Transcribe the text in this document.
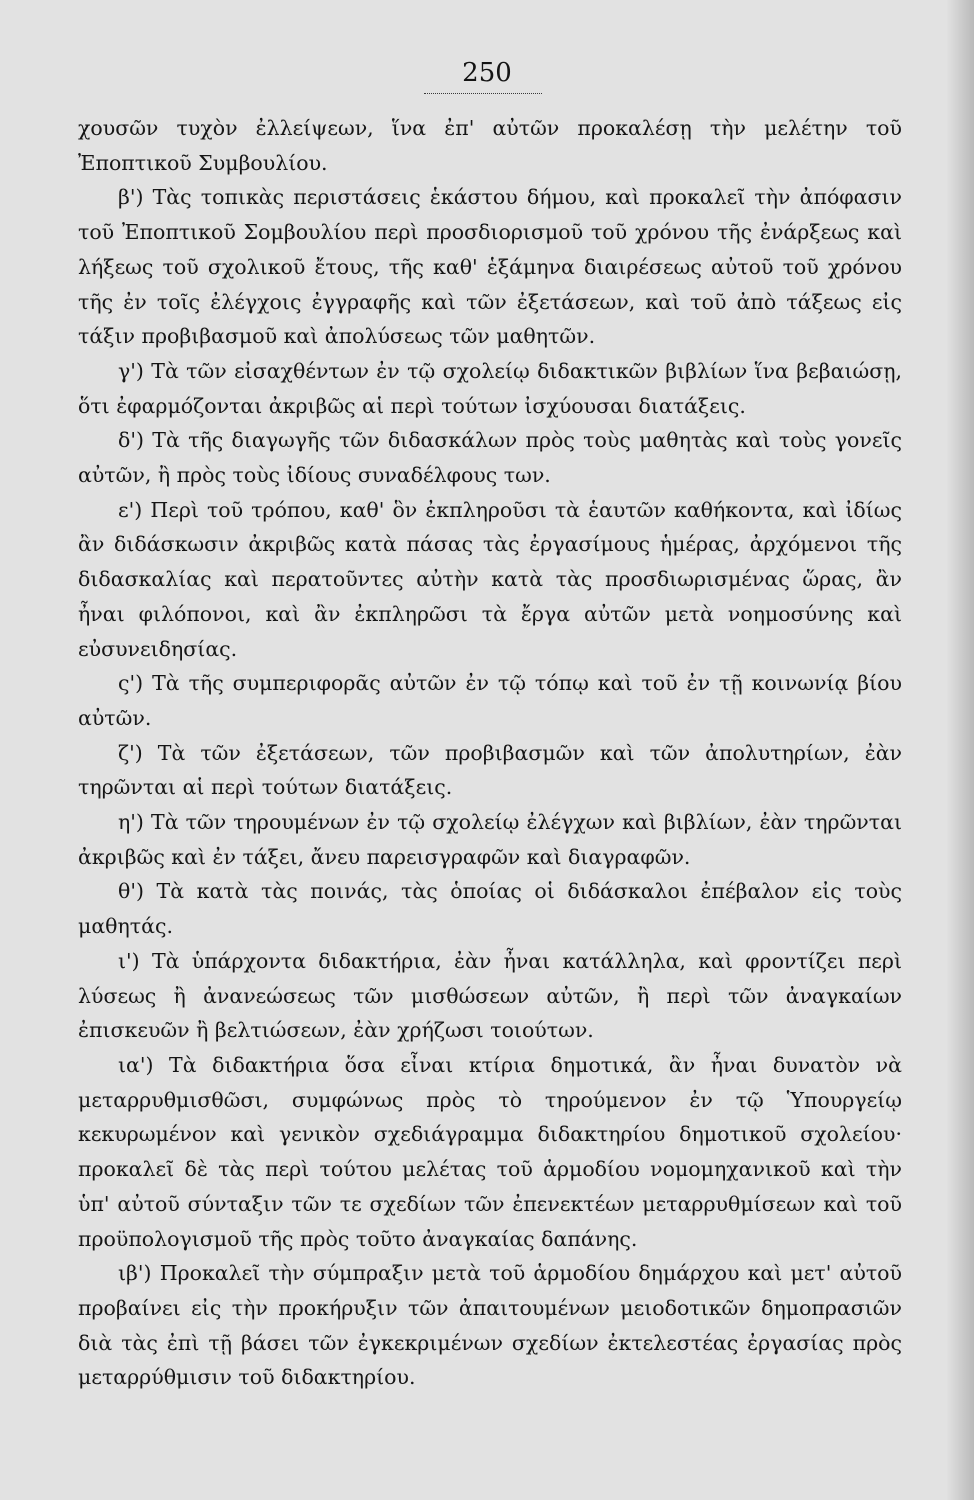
250

χουσῶν τυχὸν ἐλλείψεων, ἵνα ἐπ' αὐτῶν προκαλέσῃ τὴν μελέτην τοῦ Ἐποπτικοῦ Συμβουλίου.

β') Τὰς τοπικὰς περιστάσεις ἑκάστου δήμου, καὶ προκαλεῖ τὴν ἀπόφασιν τοῦ Ἐποπτικοῦ Σομβουλίου περὶ προσδιορισμοῦ τοῦ χρόνου τῆς ἐνάρξεως καὶ λήξεως τοῦ σχολικοῦ ἔτους, τῆς καθ' ἑξάμηνα διαιρέσεως αὐτοῦ τοῦ χρόνου τῆς ἐν τοῖς ἐλέγχοις ἐγγραφῆς καὶ τῶν ἐξετάσεων, καὶ τοῦ ἀπὸ τάξεως εἰς τάξιν προβιβασμοῦ καὶ ἀπολύσεως τῶν μαθητῶν.

γ') Τὰ τῶν εἰσαχθέντων ἐν τῷ σχολείῳ διδακτικῶν βιβλίων ἵνα βεβαιώσῃ, ὅτι ἐφαρμόζονται ἀκριβῶς αἱ περὶ τούτων ἰσχύουσαι διατάξεις.

δ') Τὰ τῆς διαγωγῆς τῶν διδασκάλων πρὸς τοὺς μαθητὰς καὶ τοὺς γονεῖς αὐτῶν, ἢ πρὸς τοὺς ἰδίους συναδέλφους των.

ε') Περὶ τοῦ τρόπου, καθ' ὃν ἐκπληροῦσι τὰ ἑαυτῶν καθήκοντα, καὶ ἰδίως ἂν διδάσκωσιν ἀκριβῶς κατὰ πάσας τὰς ἐργασίμους ἡμέρας, ἀρχόμενοι τῆς διδασκαλίας καὶ περατοῦντες αὐτὴν κατὰ τὰς προσδιωρισμένας ὥρας, ἂν ἦναι φιλόπονοι, καὶ ἂν ἐκπληρῶσι τὰ ἔργα αὐτῶν μετὰ νοημοσύνης καὶ εὐσυνειδησίας.

ς') Τὰ τῆς συμπεριφορᾶς αὐτῶν ἐν τῷ τόπῳ καὶ τοῦ ἐν τῇ κοινωνίᾳ βίου αὐτῶν.

ζ') Τὰ τῶν ἐξετάσεων, τῶν προβιβασμῶν καὶ τῶν ἀπολυτηρίων, ἐὰν τηρῶνται αἱ περὶ τούτων διατάξεις.

η') Τὰ τῶν τηρουμένων ἐν τῷ σχολείῳ ἐλέγχων καὶ βιβλίων, ἐὰν τηρῶνται ἀκριβῶς καὶ ἐν τάξει, ἄνευ παρεισγραφῶν καὶ διαγραφῶν.

θ') Τὰ κατὰ τὰς ποινάς, τὰς ὁποίας οἱ διδάσκαλοι ἐπέβαλον εἰς τοὺς μαθητάς.

ι') Τὰ ὑπάρχοντα διδακτήρια, ἐὰν ἦναι κατάλληλα, καὶ φροντίζει περὶ λύσεως ἢ ἀνανεώσεως τῶν μισθώσεων αὐτῶν, ἢ περὶ τῶν ἀναγκαίων ἐπισκευῶν ἢ βελτιώσεων, ἐὰν χρήζωσι τοιούτων.

ια') Τὰ διδακτήρια ὅσα εἶναι κτίρια δημοτικά, ἂν ἦναι δυνατὸν νὰ μεταρρυθμισθῶσι, συμφώνως πρὸς τὸ τηρούμενον ἐν τῷ Ὑπουργείῳ κεκυρωμένον καὶ γενικὸν σχεδιάγραμμα διδακτηρίου δημοτικοῦ σχολείου· προκαλεῖ δὲ τὰς περὶ τούτου μελέτας τοῦ ἁρμοδίου νομομηχανικοῦ καὶ τὴν ὑπ' αὐτοῦ σύνταξιν τῶν τε σχεδίων τῶν ἐπενεκτέων μεταρρυθμίσεων καὶ τοῦ προϋπολογισμοῦ τῆς πρὸς τοῦτο ἀναγκαίας δαπάνης.

ιβ') Προκαλεῖ τὴν σύμπραξιν μετὰ τοῦ ἁρμοδίου δημάρχου καὶ μετ' αὐτοῦ προβαίνει εἰς τὴν προκήρυξιν τῶν ἀπαιτουμένων μειοδοτικῶν δημοπρασιῶν διὰ τὰς ἐπὶ τῇ βάσει τῶν ἐγκεκριμένων σχεδίων ἐκτελεστέας ἐργασίας πρὸς μεταρρύθμισιν τοῦ διδακτηρίου.
